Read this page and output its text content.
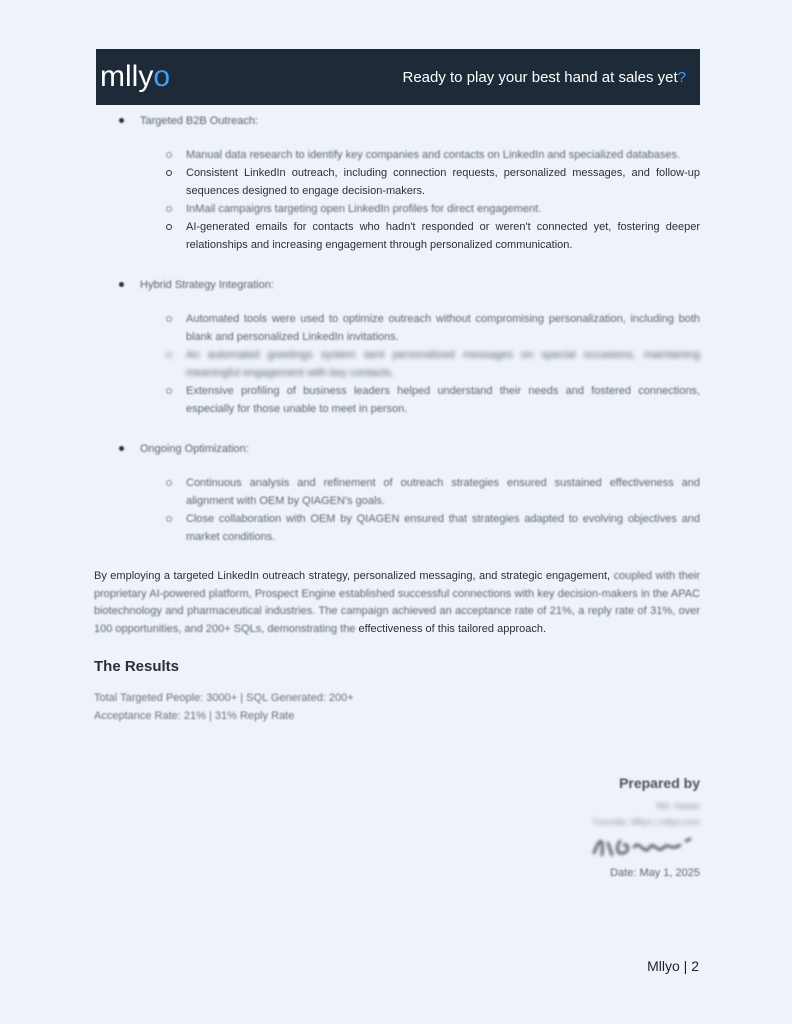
mllyo	Ready to play your best hand at sales yet?
Targeted B2B Outreach:
Manual data research to identify key companies and contacts on LinkedIn and specialized databases.
Consistent LinkedIn outreach, including connection requests, personalized messages, and follow-up sequences designed to engage decision-makers.
InMail campaigns targeting open LinkedIn profiles for direct engagement.
AI-generated emails for contacts who hadn't responded or weren't connected yet, fostering deeper relationships and increasing engagement through personalized communication.
Hybrid Strategy Integration:
Automated tools were used to optimize outreach without compromising personalization, including both blank and personalized LinkedIn invitations.
An automated greetings system sent personalized messages on special occasions, maintaining meaningful engagement with key contacts.
Extensive profiling of business leaders helped understand their needs and fostered connections, especially for those unable to meet in person.
Ongoing Optimization:
Continuous analysis and refinement of outreach strategies ensured sustained effectiveness and alignment with OEM by QIAGEN's goals.
Close collaboration with OEM by QIAGEN ensured that strategies adapted to evolving objectives and market conditions.
By employing a targeted LinkedIn outreach strategy, personalized messaging, and strategic engagement, coupled with their proprietary AI-powered platform, Prospect Engine established successful connections with key decision-makers in the APAC biotechnology and pharmaceutical industries. The campaign achieved an acceptance rate of 21%, a reply rate of 31%, over 100 opportunities, and 200+ SQLs, demonstrating the effectiveness of this tailored approach.
The Results
Total Targeted People: 3000+ | SQL Generated: 200+
Acceptance Rate: 21% | 31% Reply Rate
Prepared by
Md. Hasan
Founder, Mllyo | mllyo.com
Date: May 1, 2025
Mllyo | 2
